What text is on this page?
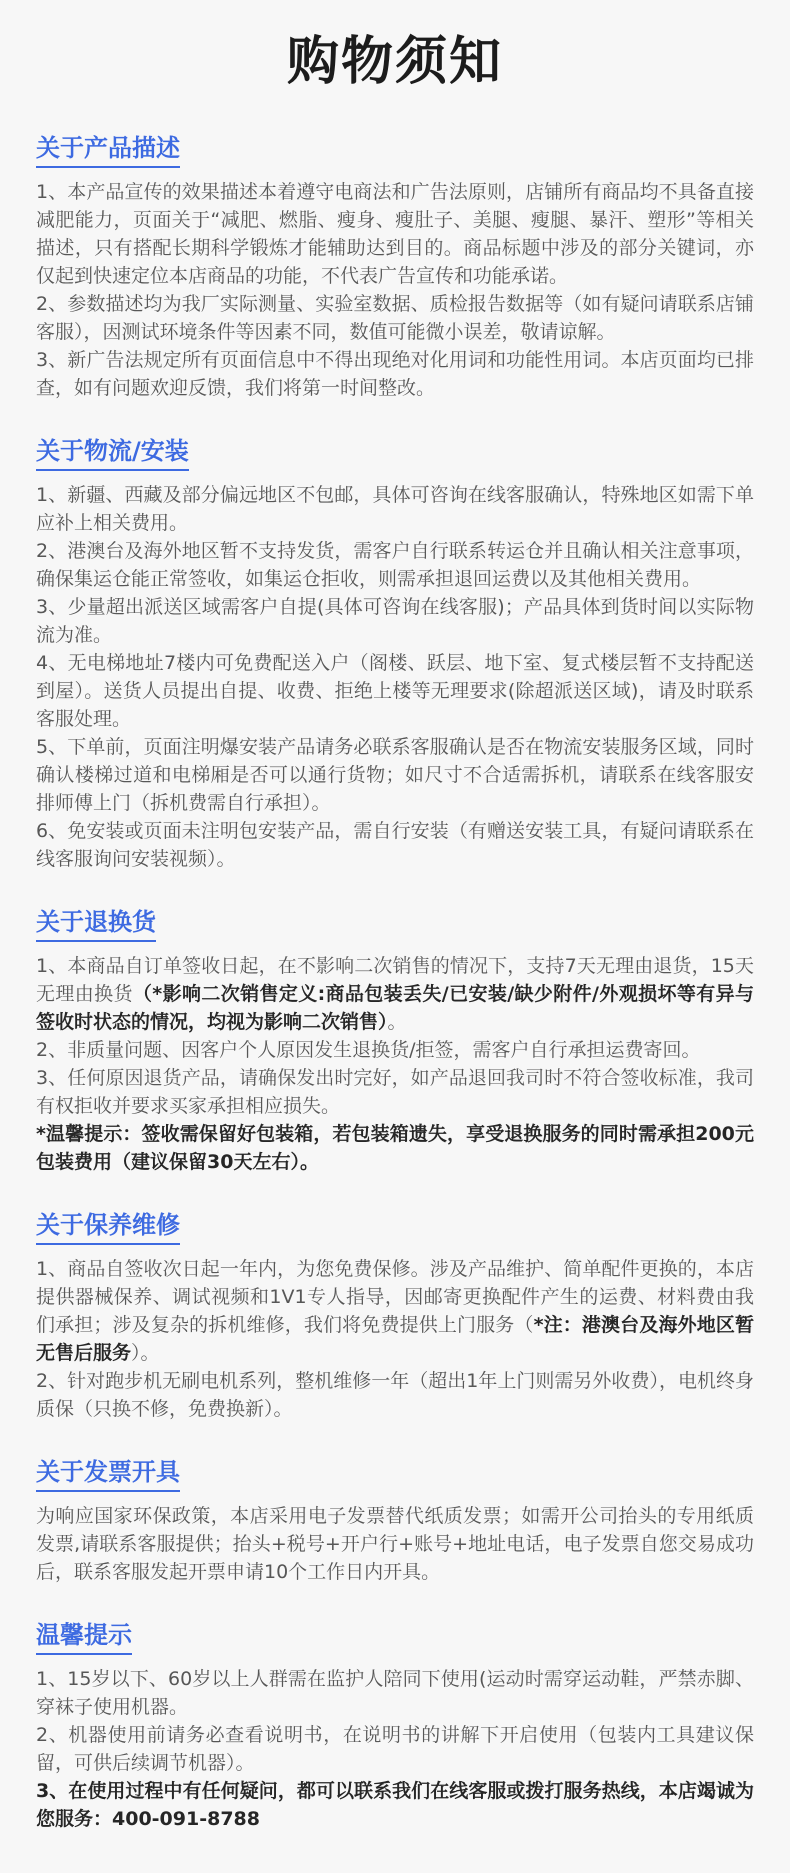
购物须知
关于产品描述

1、本产品宣传的效果描述本着遵守电商法和广告法原则，店铺所有商品均不具备直接减肥能力，页面关于“减肥、燃脂、瘦身、瘦肚子、美腿、瘦腿、暴汗、塑形”等相关描述，只有搭配长期科学锻炼才能辅助达到目的。商品标题中涉及的部分关键词，亦仅起到快速定位本店商品的功能，不代表广告宣传和功能承诺。

2、参数描述均为我厂实际测量、实验室数据、质检报告数据等（如有疑问请联系店铺客服），因测试环境条件等因素不同，数值可能微小误差，敬请谅解。

3、新广告法规定所有页面信息中不得出现绝对化用词和功能性用词。本店页面均已排查，如有问题欢迎反馈，我们将第一时间整改。

关于物流/安装

1、新疆、西藏及部分偏远地区不包邮，具体可咨询在线客服确认，特殊地区如需下单应补上相关费用。

2、港澳台及海外地区暂不支持发货，需客户自行联系转运仓并且确认相关注意事项，确保集运仓能正常签收，如集运仓拒收，则需承担退回运费以及其他相关费用。

3、少量超出派送区域需客户自提(具体可咨询在线客服)；产品具体到货时间以实际物流为准。

4、无电梯地址7楼内可免费配送入户（阁楼、跃层、地下室、复式楼层暂不支持配送到屋）。送货人员提出自提、收费、拒绝上楼等无理要求(除超派送区域)，请及时联系客服处理。

5、下单前，页面注明爆安装产品请务必联系客服确认是否在物流安装服务区域，同时确认楼梯过道和电梯厢是否可以通行货物；如尺寸不合适需拆机，请联系在线客服安排师傅上门（拆机费需自行承担）。

6、免安装或页面未注明包安装产品，需自行安装（有赠送安装工具，有疑问请联系在线客服询问安装视频）。

关于退换货

1、本商品自订单签收日起，在不影响二次销售的情况下，支持7天无理由退货，15天无理由换货（*影响二次销售定义:商品包装丢失/已安装/缺少附件/外观损坏等有异与签收时状态的情况，均视为影响二次销售）。

2、非质量问题、因客户个人原因发生退换货/拒签，需客户自行承担运费寄回。

3、任何原因退货产品，请确保发出时完好，如产品退回我司时不符合签收标准，我司有权拒收并要求买家承担相应损失。

*温馨提示：签收需保留好包装箱，若包装箱遗失，享受退换服务的同时需承担200元包装费用（建议保留30天左右）。

关于保养维修

1、商品自签收次日起一年内，为您免费保修。涉及产品维护、简单配件更换的，本店提供器械保养、调试视频和1V1专人指导，因邮寄更换配件产生的运费、材料费由我们承担；涉及复杂的拆机维修，我们将免费提供上门服务（*注：港澳台及海外地区暂无售后服务）。

2、针对跑步机无刷电机系列，整机维修一年（超出1年上门则需另外收费），电机终身质保（只换不修，免费换新）。

关于发票开具

为响应国家环保政策，本店采用电子发票替代纸质发票；如需开公司抬头的专用纸质发票,请联系客服提供；抬头+税号+开户行+账号+地址电话，电子发票自您交易成功后，联系客服发起开票申请10个工作日内开具。

温馨提示

1、15岁以下、60岁以上人群需在监护人陪同下使用(运动时需穿运动鞋，严禁赤脚、穿袜子使用机器。

2、机器使用前请务必查看说明书，在说明书的讲解下开启使用（包装内工具建议保留，可供后续调节机器）。

3、在使用过程中有任何疑问，都可以联系我们在线客服或拨打服务热线，本店竭诚为您服务：400-091-8788
